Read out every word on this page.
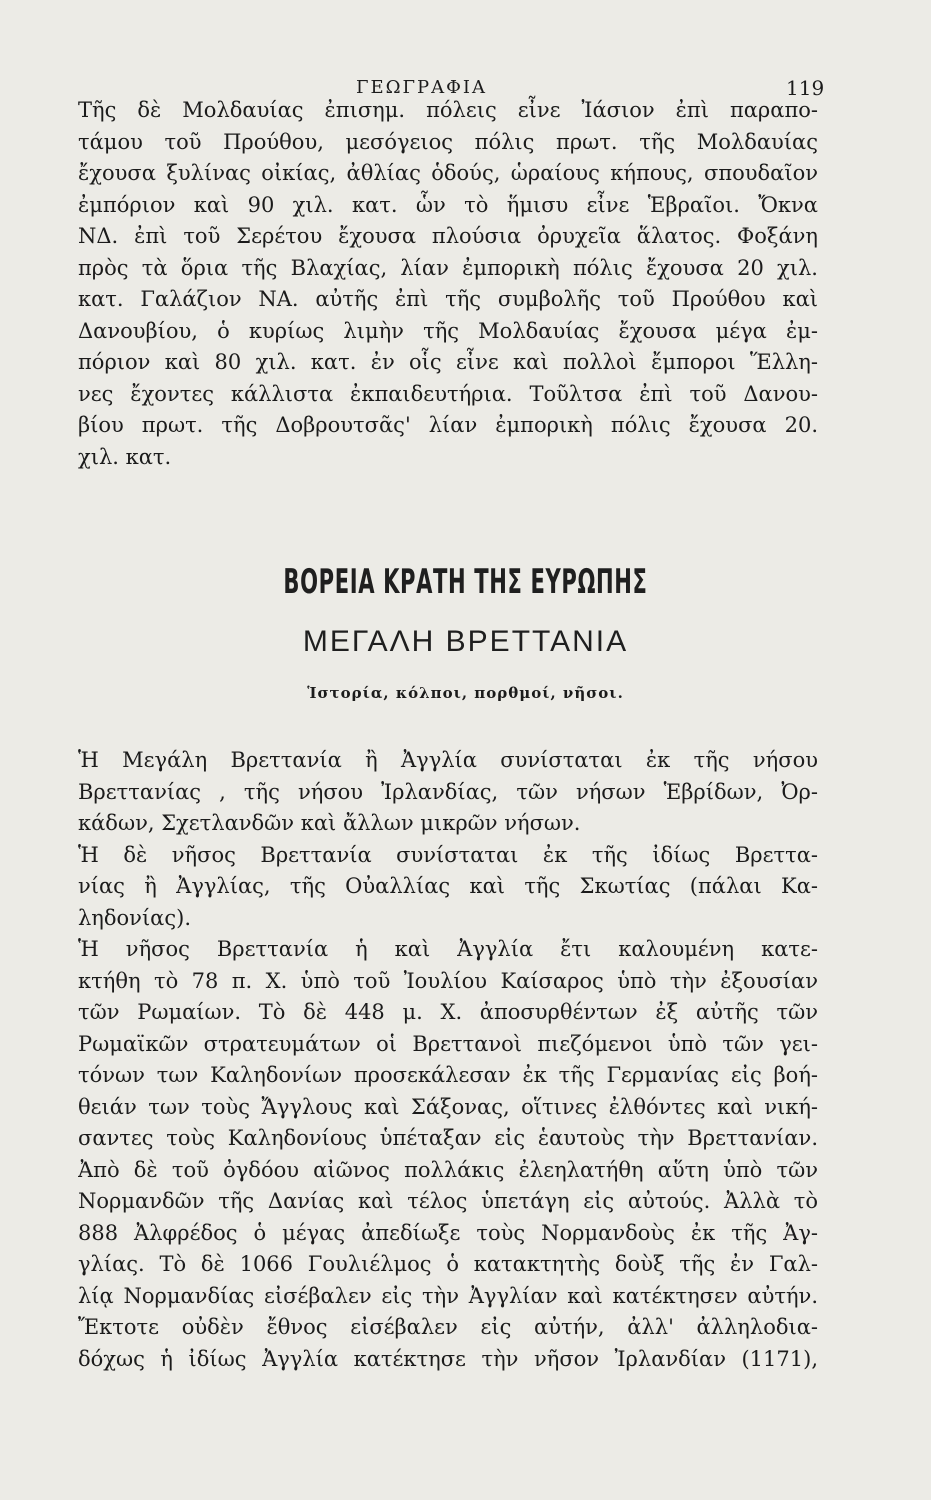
ΓΕΩΓΡΑΦΙΑ	119
Τῆς δὲ Μολδαυίας ἐπισημ. πόλεις εἶνε Ἰάσιον ἐπὶ παραπο-
τάμου τοῦ Προύθου, μεσόγειος πόλις πρωτ. τῆς Μολδαυίας
ἔχουσα ξυλίνας οἰκίας, ἀθλίας ὁδούς, ὡραίους κήπους, σπουδαῖον
ἐμπόριον καὶ 90 χιλ. κατ. ὧν τὸ ἥμισυ εἶνε Ἑβραῖοι. Ὄκνα
ΝΔ. ἐπὶ τοῦ Σερέτου ἔχουσα πλούσια ὀρυχεῖα ἅλατος. Φοξάνη
πρὸς τὰ ὅρια τῆς Βλαχίας, λίαν ἐμπορικὴ πόλις ἔχουσα 20 χιλ.
κατ. Γαλάζιον ΝΑ. αὐτῆς ἐπὶ τῆς συμβολῆς τοῦ Προύθου καὶ
Δανουβίου, ὁ κυρίως λιμὴν τῆς Μολδαυίας ἔχουσα μέγα ἐμ-
πόριον καὶ 80 χιλ. κατ. ἐν οἷς εἶνε καὶ πολλοὶ ἔμποροι Ἕλλη-
νες ἔχοντες κάλλιστα ἐκπαιδευτήρια. Τοῦλτσα ἐπὶ τοῦ Δανου-
βίου πρωτ. τῆς Δοβρουτσᾶς' λίαν ἐμπορικὴ πόλις ἔχουσα 20.
χιλ. κατ.
ΒΟΡΕΙΑ ΚΡΑΤΗ ΤΗΣ ΕΥΡΩΠΗΣ
ΜΕΓΑΛΗ ΒΡΕΤΤΑΝΙΑ
Ἱστορία, κόλποι, πορθμοί, νῆσοι.
Ἡ Μεγάλη Βρεττανία ἢ Ἀγγλία συνίσταται ἐκ τῆς νήσου
Βρεττανίας , τῆς νήσου Ἰρλανδίας, τῶν νήσων Ἑβρίδων, Ὀρ-
κάδων, Σχετλανδῶν καὶ ἄλλων μικρῶν νήσων.
Ἡ δὲ νῆσος Βρεττανία συνίσταται ἐκ τῆς ἰδίως Βρεττα-
νίας ἢ Ἀγγλίας, τῆς Οὐαλλίας καὶ τῆς Σκωτίας (πάλαι Κα-
ληδονίας).
Ἡ νῆσος Βρεττανία ἡ καὶ Ἀγγλία ἔτι καλουμένη κατε-
κτήθη τὸ 78 π. Χ. ὑπὸ τοῦ Ἰουλίου Καίσαρος ὑπὸ τὴν ἐξουσίαν
τῶν Ρωμαίων. Τὸ δὲ 448 μ. Χ. ἀποσυρθέντων ἐξ αὐτῆς τῶν
Ρωμαϊκῶν στρατευμάτων οἱ Βρεττανοὶ πιεζόμενοι ὑπὸ τῶν γει-
τόνων των Καληδονίων προσεκάλεσαν ἐκ τῆς Γερμανίας εἰς βοή-
θειάν των τοὺς Ἄγγλους καὶ Σάξονας, οἵτινες ἐλθόντες καὶ νική-
σαντες τοὺς Καληδονίους ὑπέταξαν εἰς ἑαυτοὺς τὴν Βρεττανίαν.
Ἀπὸ δὲ τοῦ ὀγδόου αἰῶνος πολλάκις ἐλεηλατήθη αὕτη ὑπὸ τῶν
Νορμανδῶν τῆς Δανίας καὶ τέλος ὑπετάγη εἰς αὐτούς. Ἀλλὰ τὸ
888 Ἀλφρέδος ὁ μέγας ἀπεδίωξε τοὺς Νορμανδοὺς ἐκ τῆς Ἀγ-
γλίας. Τὸ δὲ 1066 Γουλιέλμος ὁ κατακτητὴς δοὺξ τῆς ἐν Γαλ-
λίᾳ Νορμανδίας εἰσέβαλεν εἰς τὴν Ἀγγλίαν καὶ κατέκτησεν αὐτήν.
Ἔκτοτε οὐδὲν ἔθνος εἰσέβαλεν εἰς αὐτήν, ἀλλ' ἀλληλοδια-
δόχως ἡ ἰδίως Ἀγγλία κατέκτησε τὴν νῆσον Ἰρλανδίαν (1171),
